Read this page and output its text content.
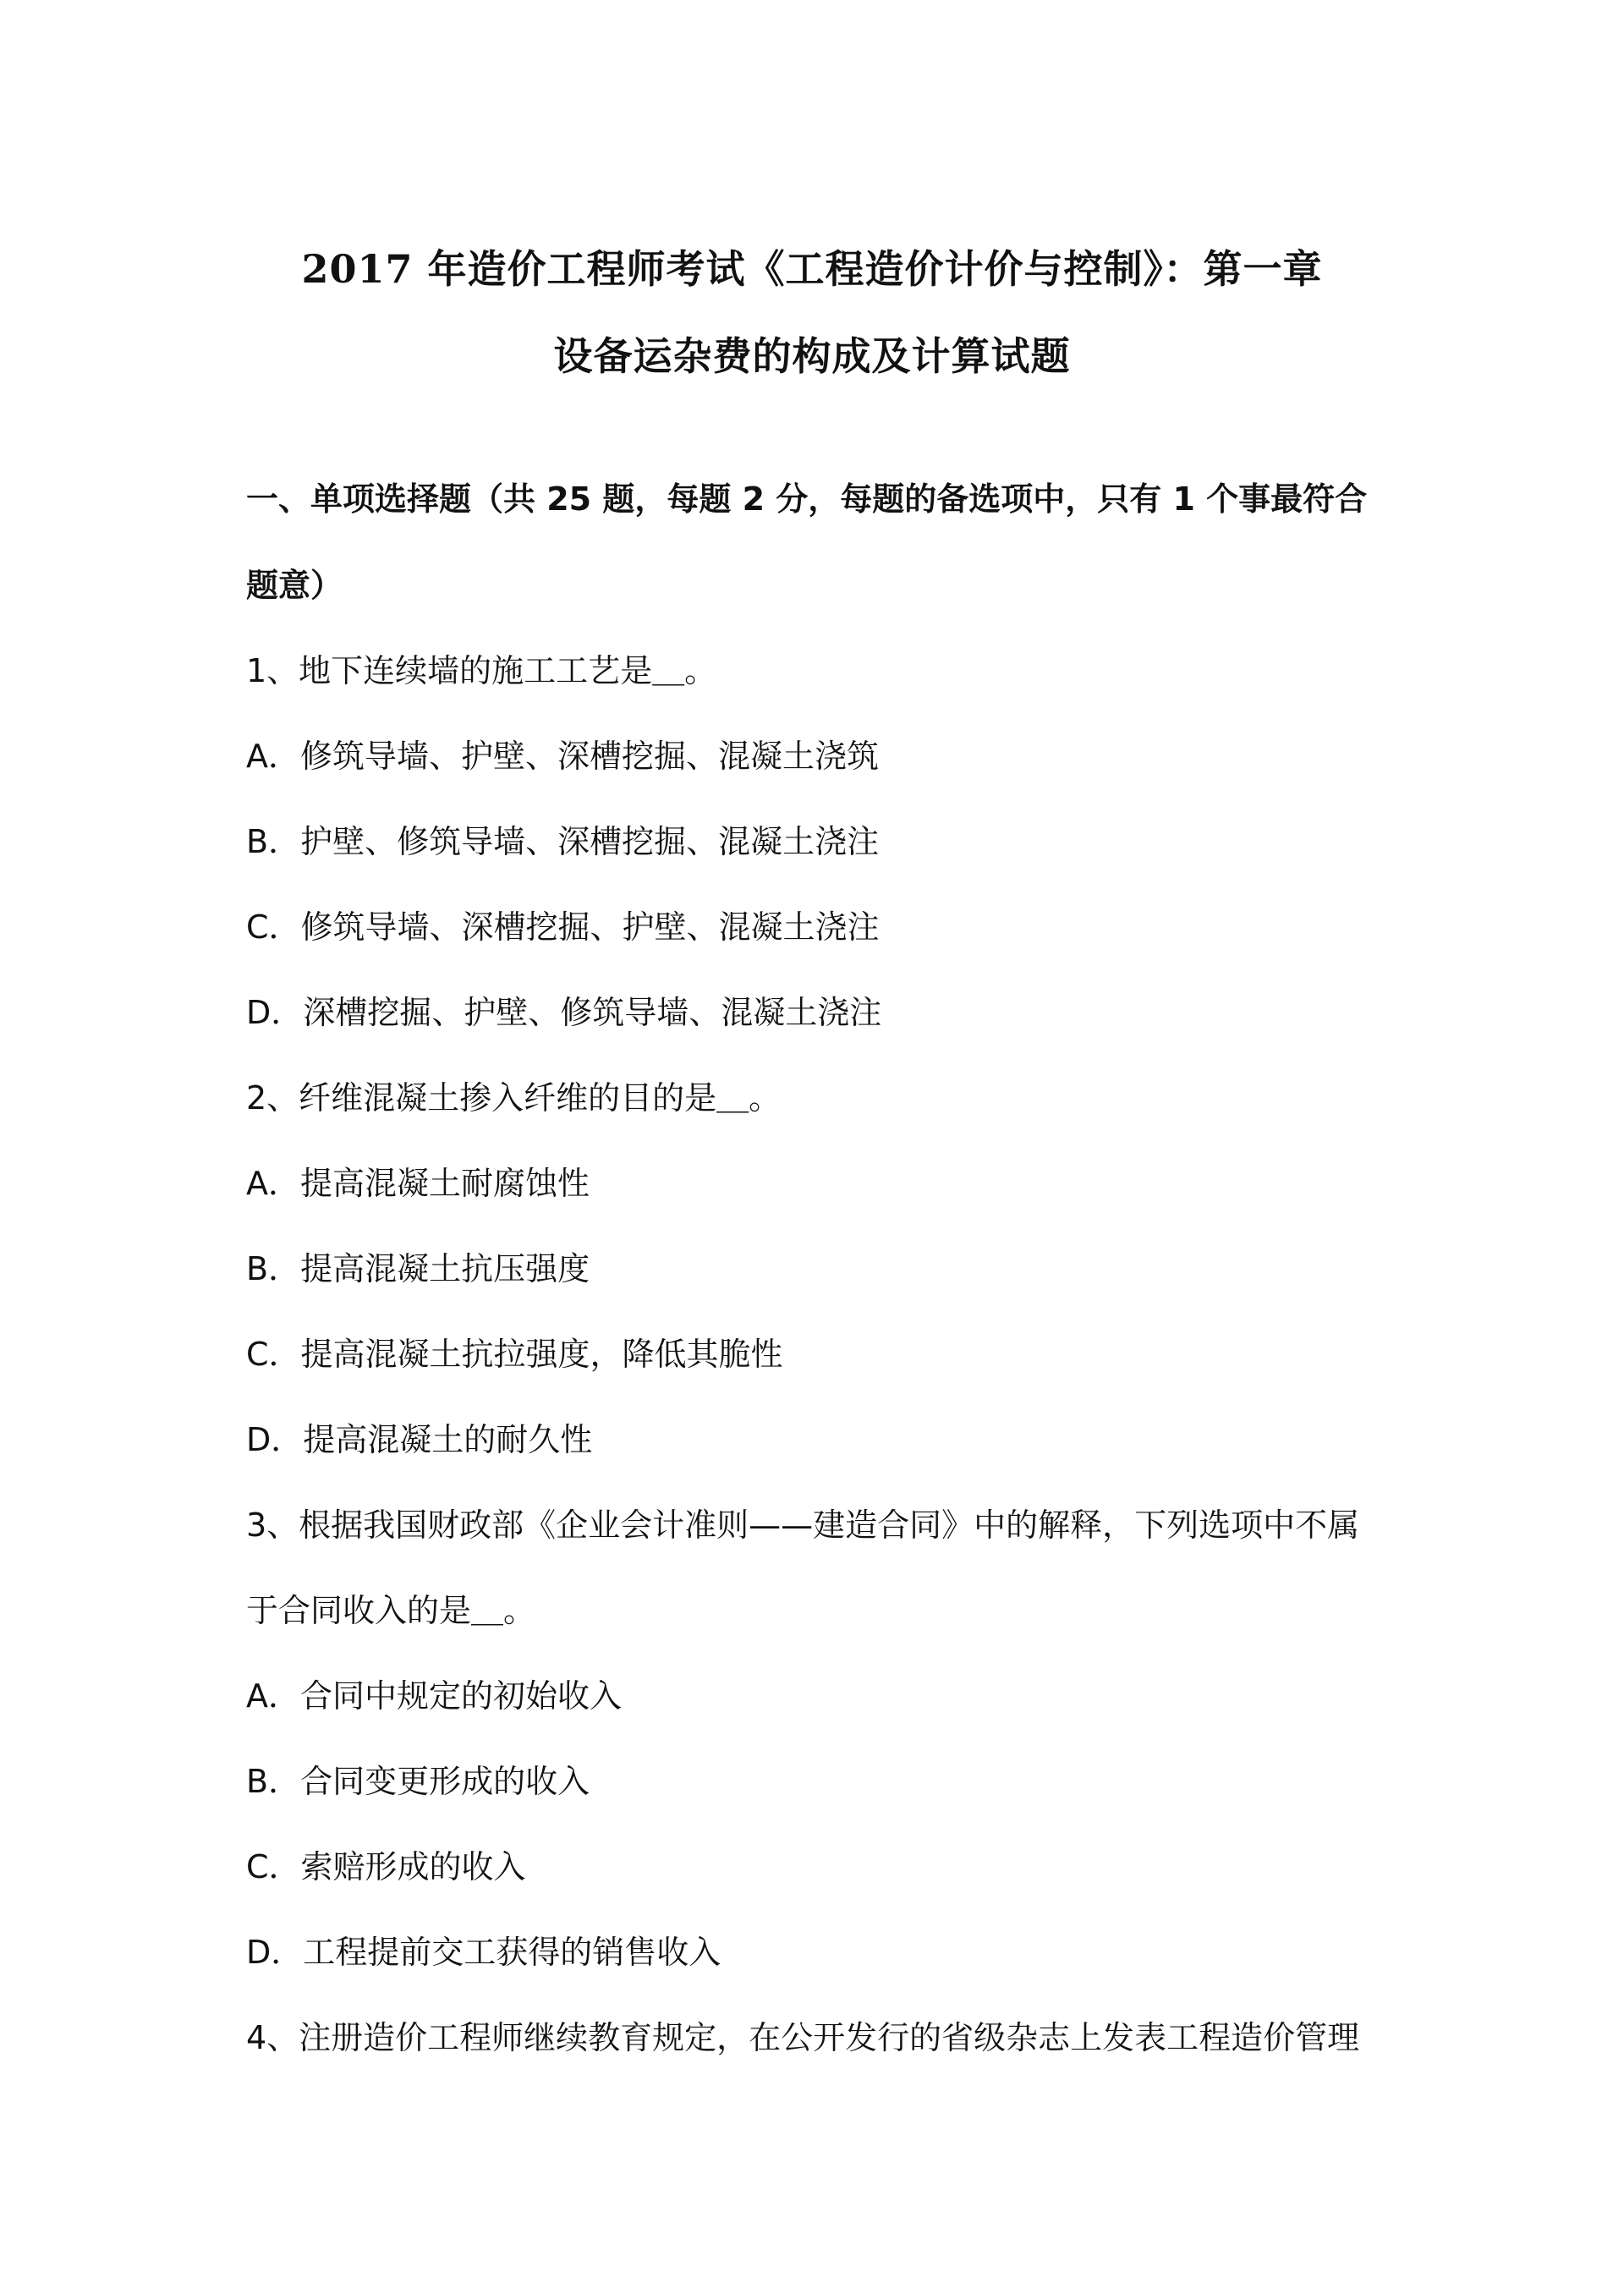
2017 年造价工程师考试《工程造价计价与控制》：第一章
设备运杂费的构成及计算试题
一、单项选择题（共 25 题，每题 2 分，每题的备选项中，只有 1 个事最符合
题意）
1、地下连续墙的施工工艺是＿。
A．修筑导墙、护壁、深槽挖掘、混凝土浇筑
B．护壁、修筑导墙、深槽挖掘、混凝土浇注
C．修筑导墙、深槽挖掘、护壁、混凝土浇注
D．深槽挖掘、护壁、修筑导墙、混凝土浇注
2、纤维混凝土掺入纤维的目的是＿。
A．提高混凝土耐腐蚀性
B．提高混凝土抗压强度
C．提高混凝土抗拉强度，降低其脆性
D．提高混凝土的耐久性
3、根据我国财政部《企业会计准则——建造合同》中的解释，下列选项中不属
于合同收入的是＿。
A．合同中规定的初始收入
B．合同变更形成的收入
C．索赔形成的收入
D．工程提前交工获得的销售收入
4、注册造价工程师继续教育规定，在公开发行的省级杂志上发表工程造价管理
